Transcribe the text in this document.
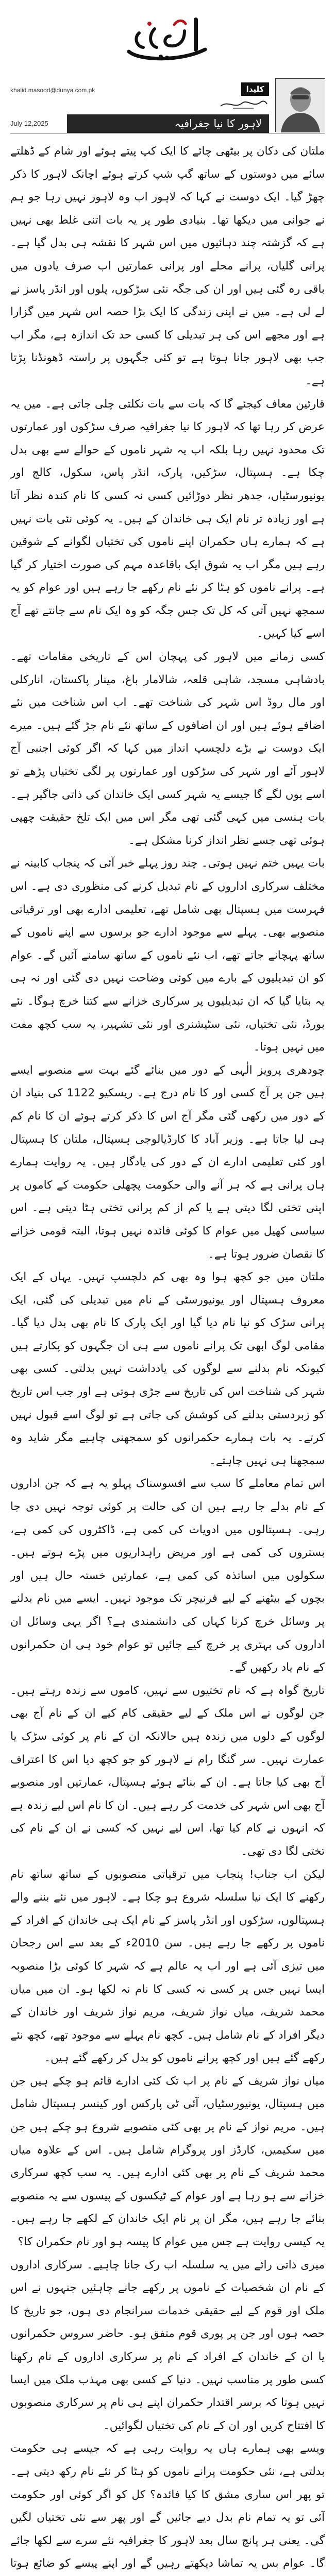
کلیدا
لاہور کا نیا جغرافیہ
khalid.masood@dunya.com.pk
July 12,2025

ملتان کی دکان پر بیٹھی چائے کا ایک کپ پیتے ہوئے اور شام کے ڈھلتے سائے میں دوستوں کے ساتھ گپ شپ کرتے ہوئے اچانک لاہور کا ذکر چھڑ گیا۔ ایک دوست نے کہا کہ لاہور اب وہ لاہور نہیں رہا جو ہم نے جوانی میں دیکھا تھا۔ بنیادی طور پر یہ بات اتنی غلط بھی نہیں ہے کہ گزشتہ چند دہائیوں میں اس شہر کا نقشہ ہی بدل گیا ہے۔ پرانی گلیاں، پرانے محلے اور پرانی عمارتیں اب صرف یادوں میں باقی رہ گئی ہیں اور ان کی جگہ نئی سڑکوں، پلوں اور انڈر پاسز نے لے لی ہے۔ میں نے اپنی زندگی کا ایک بڑا حصہ اس شہر میں گزارا ہے اور مجھے اس کی ہر تبدیلی کا کسی حد تک اندازہ ہے، مگر اب جب بھی لاہور جانا ہوتا ہے تو کئی جگہوں پر راستہ ڈھونڈنا پڑتا ہے۔

قارئین معاف کیجئے گا کہ بات سے بات نکلتی چلی جاتی ہے۔ میں یہ عرض کر رہا تھا کہ لاہور کا نیا جغرافیہ صرف سڑکوں اور عمارتوں تک محدود نہیں رہا بلکہ اب یہ شہر ناموں کے حوالے سے بھی بدل چکا ہے۔ ہسپتال، سڑکیں، پارک، انڈر پاس، سکول، کالج اور یونیورسٹیاں، جدھر نظر دوڑائیں کسی نہ کسی کا نام کندہ نظر آتا ہے اور زیادہ تر نام ایک ہی خاندان کے ہیں۔ یہ کوئی نئی بات نہیں ہے کہ ہمارے ہاں حکمران اپنے ناموں کی تختیاں لگوانے کے شوقین رہے ہیں مگر اب یہ شوق ایک باقاعدہ مہم کی صورت اختیار کر گیا ہے۔ پرانے ناموں کو ہٹا کر نئے نام رکھے جا رہے ہیں اور عوام کو یہ سمجھ نہیں آتی کہ کل تک جس جگہ کو وہ ایک نام سے جانتے تھے آج اسے کیا کہیں۔

کسی زمانے میں لاہور کی پہچان اس کے تاریخی مقامات تھے۔ بادشاہی مسجد، شاہی قلعہ، شالامار باغ، مینار پاکستان، انارکلی اور مال روڈ اس شہر کی شناخت تھے۔ اب اس شناخت میں نئے اضافے ہوئے ہیں اور ان اضافوں کے ساتھ نئے نام جڑ گئے ہیں۔ میرے ایک دوست نے بڑے دلچسپ انداز میں کہا کہ اگر کوئی اجنبی آج لاہور آئے اور شہر کی سڑکوں اور عمارتوں پر لگی تختیاں پڑھے تو اسے یوں لگے گا جیسے یہ شہر کسی ایک خاندان کی ذاتی جاگیر ہے۔ بات ہنسی میں کہی گئی تھی مگر اس میں ایک تلخ حقیقت چھپی ہوئی تھی جسے نظر انداز کرنا مشکل ہے۔

بات یہیں ختم نہیں ہوتی۔ چند روز پہلے خبر آئی کہ پنجاب کابینہ نے مختلف سرکاری اداروں کے نام تبدیل کرنے کی منظوری دی ہے۔ اس فہرست میں ہسپتال بھی شامل تھے، تعلیمی ادارے بھی اور ترقیاتی منصوبے بھی۔ پہلے سے موجود ادارے جو برسوں سے اپنے ناموں کے ساتھ پہچانے جاتے تھے، اب نئے ناموں کے ساتھ سامنے آئیں گے۔ عوام کو ان تبدیلیوں کے بارے میں کوئی وضاحت نہیں دی گئی اور نہ ہی یہ بتایا گیا کہ ان تبدیلیوں پر سرکاری خزانے سے کتنا خرچ ہوگا۔ نئے بورڈ، نئی تختیاں، نئی سٹیشنری اور نئی تشہیر، یہ سب کچھ مفت میں نہیں ہوتا۔

چودھری پرویز الٰہی کے دور میں بنائے گئے بہت سے منصوبے ایسے ہیں جن پر آج کسی اور کا نام درج ہے۔ ریسکیو 1122 کی بنیاد ان کے دور میں رکھی گئی مگر آج اس کا ذکر کرتے ہوئے ان کا نام کم ہی لیا جاتا ہے۔ وزیر آباد کا کارڈیالوجی ہسپتال، ملتان کا ہسپتال اور کئی تعلیمی ادارے ان کے دور کی یادگار ہیں۔ یہ روایت ہمارے ہاں پرانی ہے کہ ہر آنے والی حکومت پچھلی حکومت کے کاموں پر اپنی تختی لگا دیتی ہے یا کم از کم پرانی تختی ہٹا دیتی ہے۔ اس سیاسی کھیل میں عوام کا کوئی فائدہ نہیں ہوتا، البتہ قومی خزانے کا نقصان ضرور ہوتا ہے۔

ملتان میں جو کچھ ہوا وہ بھی کم دلچسپ نہیں۔ یہاں کے ایک معروف ہسپتال اور یونیورسٹی کے نام میں تبدیلی کی گئی، ایک پرانی سڑک کو نیا نام دیا گیا اور ایک پارک کا نام بھی بدل دیا گیا۔ مقامی لوگ ابھی تک پرانے ناموں سے ہی ان جگہوں کو پکارتے ہیں کیونکہ نام بدلنے سے لوگوں کی یادداشت نہیں بدلتی۔ کسی بھی شہر کی شناخت اس کی تاریخ سے جڑی ہوتی ہے اور جب اس تاریخ کو زبردستی بدلنے کی کوشش کی جاتی ہے تو لوگ اسے قبول نہیں کرتے۔ یہ بات ہمارے حکمرانوں کو سمجھنی چاہیے مگر شاید وہ سمجھنا ہی نہیں چاہتے۔

اس تمام معاملے کا سب سے افسوسناک پہلو یہ ہے کہ جن اداروں کے نام بدلے جا رہے ہیں ان کی حالت پر کوئی توجہ نہیں دی جا رہی۔ ہسپتالوں میں ادویات کی کمی ہے، ڈاکٹروں کی کمی ہے، بستروں کی کمی ہے اور مریض راہداریوں میں پڑے ہوتے ہیں۔ سکولوں میں اساتذہ کی کمی ہے، عمارتیں خستہ حال ہیں اور بچوں کے بیٹھنے کے لیے فرنیچر تک موجود نہیں۔ ایسے میں نام بدلنے پر وسائل خرچ کرنا کہاں کی دانشمندی ہے؟ اگر یہی وسائل ان اداروں کی بہتری پر خرچ کیے جائیں تو عوام خود ہی ان حکمرانوں کے نام یاد رکھیں گے۔

تاریخ گواہ ہے کہ نام تختیوں سے نہیں، کاموں سے زندہ رہتے ہیں۔ جن لوگوں نے اس ملک کے لیے حقیقی کام کیے ان کے نام آج بھی لوگوں کے دلوں میں زندہ ہیں حالانکہ ان کے نام پر کوئی سڑک یا عمارت نہیں۔ سر گنگا رام نے لاہور کو جو کچھ دیا اس کا اعتراف آج بھی کیا جاتا ہے۔ ان کے بنائے ہوئے ہسپتال، عمارتیں اور منصوبے آج بھی اس شہر کی خدمت کر رہے ہیں۔ ان کا نام اس لیے زندہ ہے کہ انہوں نے کام کیا تھا، اس لیے نہیں کہ کسی نے ان کے نام کی تختی لگا دی تھی۔

لیکن اب جناب! پنجاب میں ترقیاتی منصوبوں کے ساتھ ساتھ نام رکھنے کا ایک نیا سلسلہ شروع ہو چکا ہے۔ لاہور میں نئے بننے والے ہسپتالوں، سڑکوں اور انڈر پاسز کے نام ایک ہی خاندان کے افراد کے ناموں پر رکھے جا رہے ہیں۔ سن 2010ء کے بعد سے اس رجحان میں تیزی آئی ہے اور اب یہ عالم ہے کہ شہر کا کوئی بڑا منصوبہ ایسا نہیں جس پر کسی نہ کسی کا نام نہ لکھا ہو۔ ان میں میاں محمد شریف، میاں نواز شریف، مریم نواز شریف اور خاندان کے دیگر افراد کے نام شامل ہیں۔ کچھ نام پہلے سے موجود تھے، کچھ نئے رکھے گئے ہیں اور کچھ پرانے ناموں کو بدل کر رکھے گئے ہیں۔

میاں نواز شریف کے نام پر اب تک کئی ادارے قائم ہو چکے ہیں جن میں ہسپتال، یونیورسٹیاں، آئی ٹی پارکس اور کینسر ہسپتال شامل ہیں۔ مریم نواز کے نام پر بھی کئی منصوبے شروع ہو چکے ہیں جن میں سکیمیں، کارڈز اور پروگرام شامل ہیں۔ اس کے علاوہ میاں محمد شریف کے نام پر بھی کئی ادارے ہیں۔ یہ سب کچھ سرکاری خزانے سے ہو رہا ہے اور عوام کے ٹیکسوں کے پیسوں سے یہ منصوبے بنائے جا رہے ہیں، مگر ان پر نام ایک خاندان کے لکھے جا رہے ہیں۔ یہ کیسی روایت ہے جس میں عوام کا پیسہ ہو اور نام حکمران کا؟

میری ذاتی رائے میں یہ سلسلہ اب رک جانا چاہیے۔ سرکاری اداروں کے نام ان شخصیات کے ناموں پر رکھے جانے چاہئیں جنہوں نے اس ملک اور قوم کے لیے حقیقی خدمات سرانجام دی ہوں، جو تاریخ کا حصہ ہوں اور جن پر پوری قوم متفق ہو۔ حاضر سروس حکمرانوں یا ان کے خاندان کے افراد کے نام پر سرکاری اداروں کے نام رکھنا کسی طور پر مناسب نہیں۔ دنیا کے کسی بھی مہذب ملک میں ایسا نہیں ہوتا کہ برسر اقتدار حکمران اپنے ہی نام پر سرکاری منصوبوں کا افتتاح کریں اور ان کے نام کی تختیاں لگوائیں۔

ویسے بھی ہمارے ہاں یہ روایت رہی ہے کہ جیسے ہی حکومت بدلتی ہے، نئی حکومت پرانے ناموں کو ہٹا کر نئے نام رکھ دیتی ہے۔ تو پھر اس ساری مشق کا کیا فائدہ؟ کل کو اگر کوئی اور حکومت آئی تو یہ تمام نام بدل دیے جائیں گے اور پھر سے نئی تختیاں لگیں گی۔ یعنی ہر پانچ سال بعد لاہور کا جغرافیہ نئے سرے سے لکھا جائے گا۔ عوام بس یہ تماشا دیکھتے رہیں گے اور اپنے پیسے کو ضائع ہوتا
